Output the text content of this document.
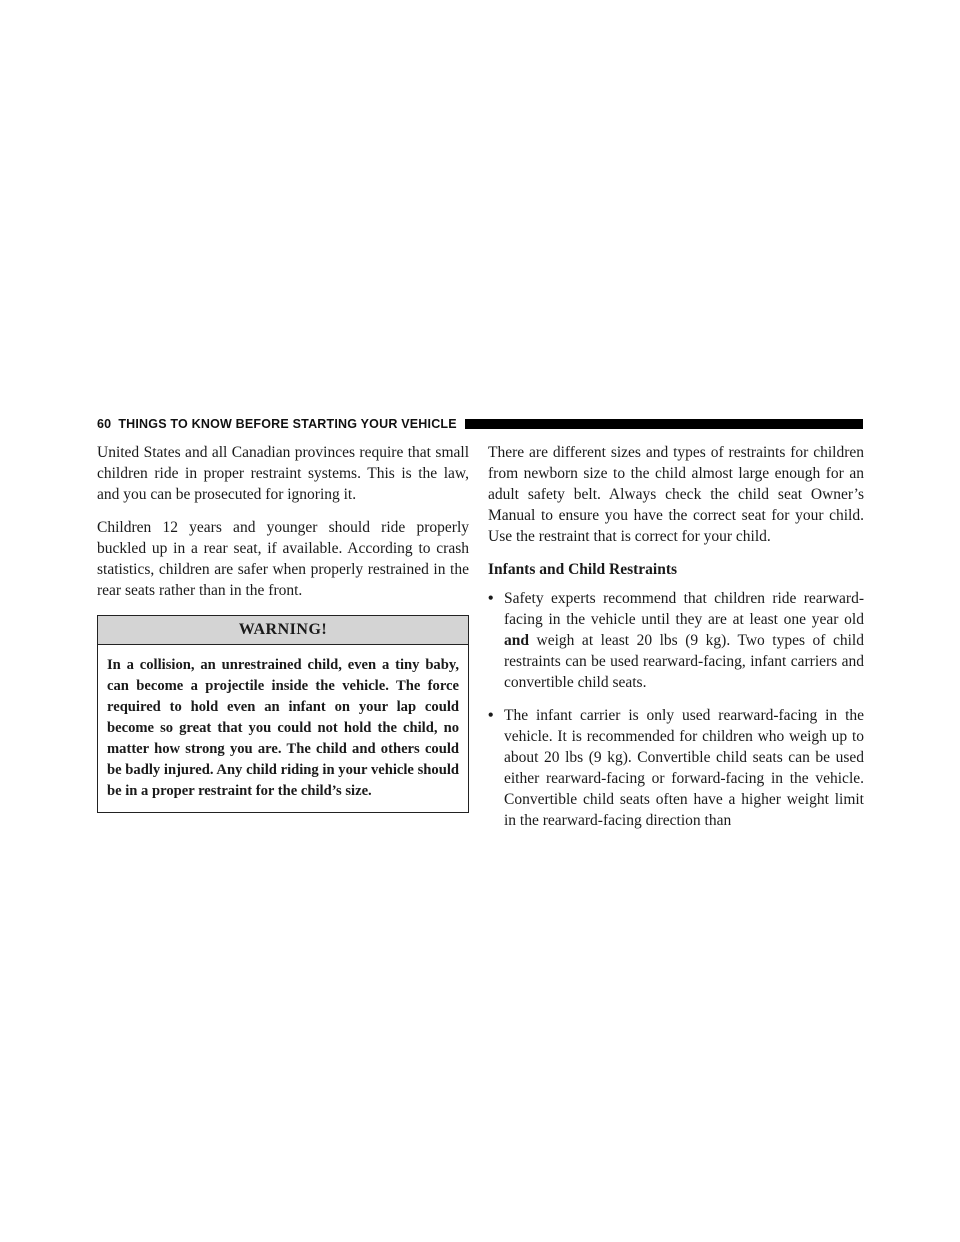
60 THINGS TO KNOW BEFORE STARTING YOUR VEHICLE

United States and all Canadian provinces require that small children ride in proper restraint systems. This is the law, and you can be prosecuted for ignoring it.

Children 12 years and younger should ride properly buckled up in a rear seat, if available. According to crash statistics, children are safer when properly restrained in the rear seats rather than in the front.

WARNING!
In a collision, an unrestrained child, even a tiny baby, can become a projectile inside the vehicle. The force required to hold even an infant on your lap could become so great that you could not hold the child, no matter how strong you are. The child and others could be badly injured. Any child riding in your vehicle should be in a proper restraint for the child’s size.

There are different sizes and types of restraints for children from newborn size to the child almost large enough for an adult safety belt. Always check the child seat Owner’s Manual to ensure you have the correct seat for your child. Use the restraint that is correct for your child.

Infants and Child Restraints
• Safety experts recommend that children ride rearward-facing in the vehicle until they are at least one year old and weigh at least 20 lbs (9 kg). Two types of child restraints can be used rearward-facing, infant carriers and convertible child seats.
• The infant carrier is only used rearward-facing in the vehicle. It is recommended for children who weigh up to about 20 lbs (9 kg). Convertible child seats can be used either rearward-facing or forward-facing in the vehicle. Convertible child seats often have a higher weight limit in the rearward-facing direction than
